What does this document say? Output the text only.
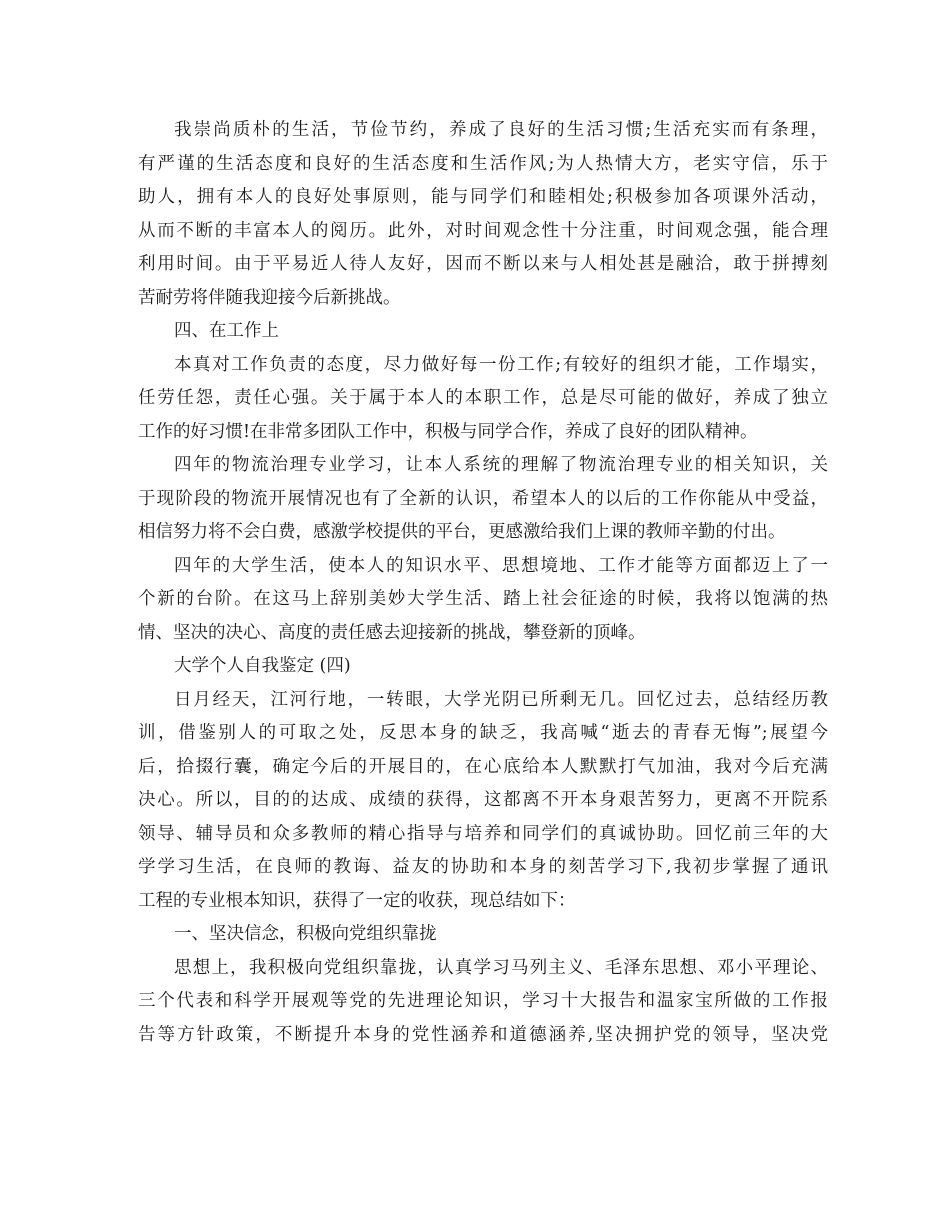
我崇尚质朴的生活，节俭节约，养成了良好的生活习惯;生活充实而有条理，
有严谨的生活态度和良好的生活态度和生活作风;为人热情大方，老实守信，乐于
助人，拥有本人的良好处事原则，能与同学们和睦相处;积极参加各项课外活动，
从而不断的丰富本人的阅历。此外，对时间观念性十分注重，时间观念强，能合理
利用时间。由于平易近人待人友好，因而不断以来与人相处甚是融洽，敢于拼搏刻
苦耐劳将伴随我迎接今后新挑战。
四、在工作上
本真对工作负责的态度，尽力做好每一份工作;有较好的组织才能，工作塌实，
任劳任怨，责任心强。关于属于本人的本职工作，总是尽可能的做好，养成了独立
工作的好习惯!在非常多团队工作中，积极与同学合作，养成了良好的团队精神。
四年的物流治理专业学习，让本人系统的理解了物流治理专业的相关知识，关
于现阶段的物流开展情况也有了全新的认识，希望本人的以后的工作你能从中受益，
相信努力将不会白费，感激学校提供的平台，更感激给我们上课的教师辛勤的付出。
四年的大学生活，使本人的知识水平、思想境地、工作才能等方面都迈上了一
个新的台阶。在这马上辞别美妙大学生活、踏上社会征途的时候，我将以饱满的热
情、坚决的决心、高度的责任感去迎接新的挑战，攀登新的顶峰。
大学个人自我鉴定 (四)
日月经天，江河行地，一转眼，大学光阴已所剩无几。回忆过去，总结经历教
训，借鉴别人的可取之处，反思本身的缺乏，我高喊“逝去的青春无悔”;展望今
后，拾掇行囊，确定今后的开展目的，在心底给本人默默打气加油，我对今后充满
决心。所以，目的的达成、成绩的获得，这都离不开本身艰苦努力，更离不开院系
领导、辅导员和众多教师的精心指导与培养和同学们的真诚协助。回忆前三年的大
学学习生活，在良师的教诲、益友的协助和本身的刻苦学习下,我初步掌握了通讯
工程的专业根本知识，获得了一定的收获，现总结如下：
一、坚决信念，积极向党组织靠拢
思想上，我积极向党组织靠拢，认真学习马列主义、毛泽东思想、邓小平理论、
三个代表和科学开展观等党的先进理论知识，学习十大报告和温家宝所做的工作报
告等方针政策，不断提升本身的党性涵养和道德涵养,坚决拥护党的领导，坚决党
